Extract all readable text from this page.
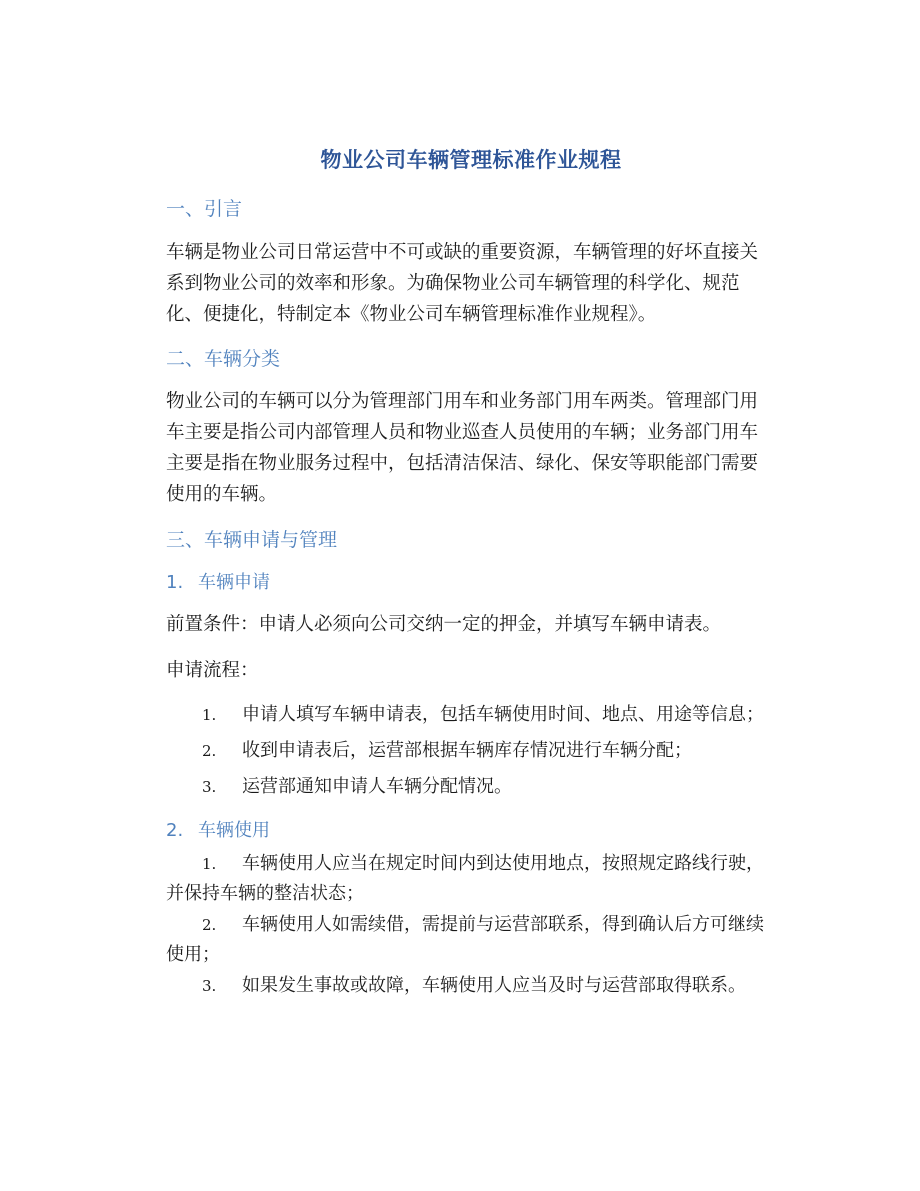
物业公司车辆管理标准作业规程
一、引言

车辆是物业公司日常运营中不可或缺的重要资源，车辆管理的好坏直接关系到物业公司的效率和形象。为确保物业公司车辆管理的科学化、规范化、便捷化，特制定本《物业公司车辆管理标准作业规程》。

二、车辆分类

物业公司的车辆可以分为管理部门用车和业务部门用车两类。管理部门用车主要是指公司内部管理人员和物业巡查人员使用的车辆；业务部门用车主要是指在物业服务过程中，包括清洁保洁、绿化、保安等职能部门需要使用的车辆。

三、车辆申请与管理
1. 车辆申请

前置条件：申请人必须向公司交纳一定的押金，并填写车辆申请表。

申请流程：

1. 申请人填写车辆申请表，包括车辆使用时间、地点、用途等信息；

2. 收到申请表后，运营部根据车辆库存情况进行车辆分配；

3. 运营部通知申请人车辆分配情况。

2. 车辆使用

1. 车辆使用人应当在规定时间内到达使用地点，按照规定路线行驶，并保持车辆的整洁状态；

2. 车辆使用人如需续借，需提前与运营部联系，得到确认后方可继续使用；

3. 如果发生事故或故障，车辆使用人应当及时与运营部取得联系。
